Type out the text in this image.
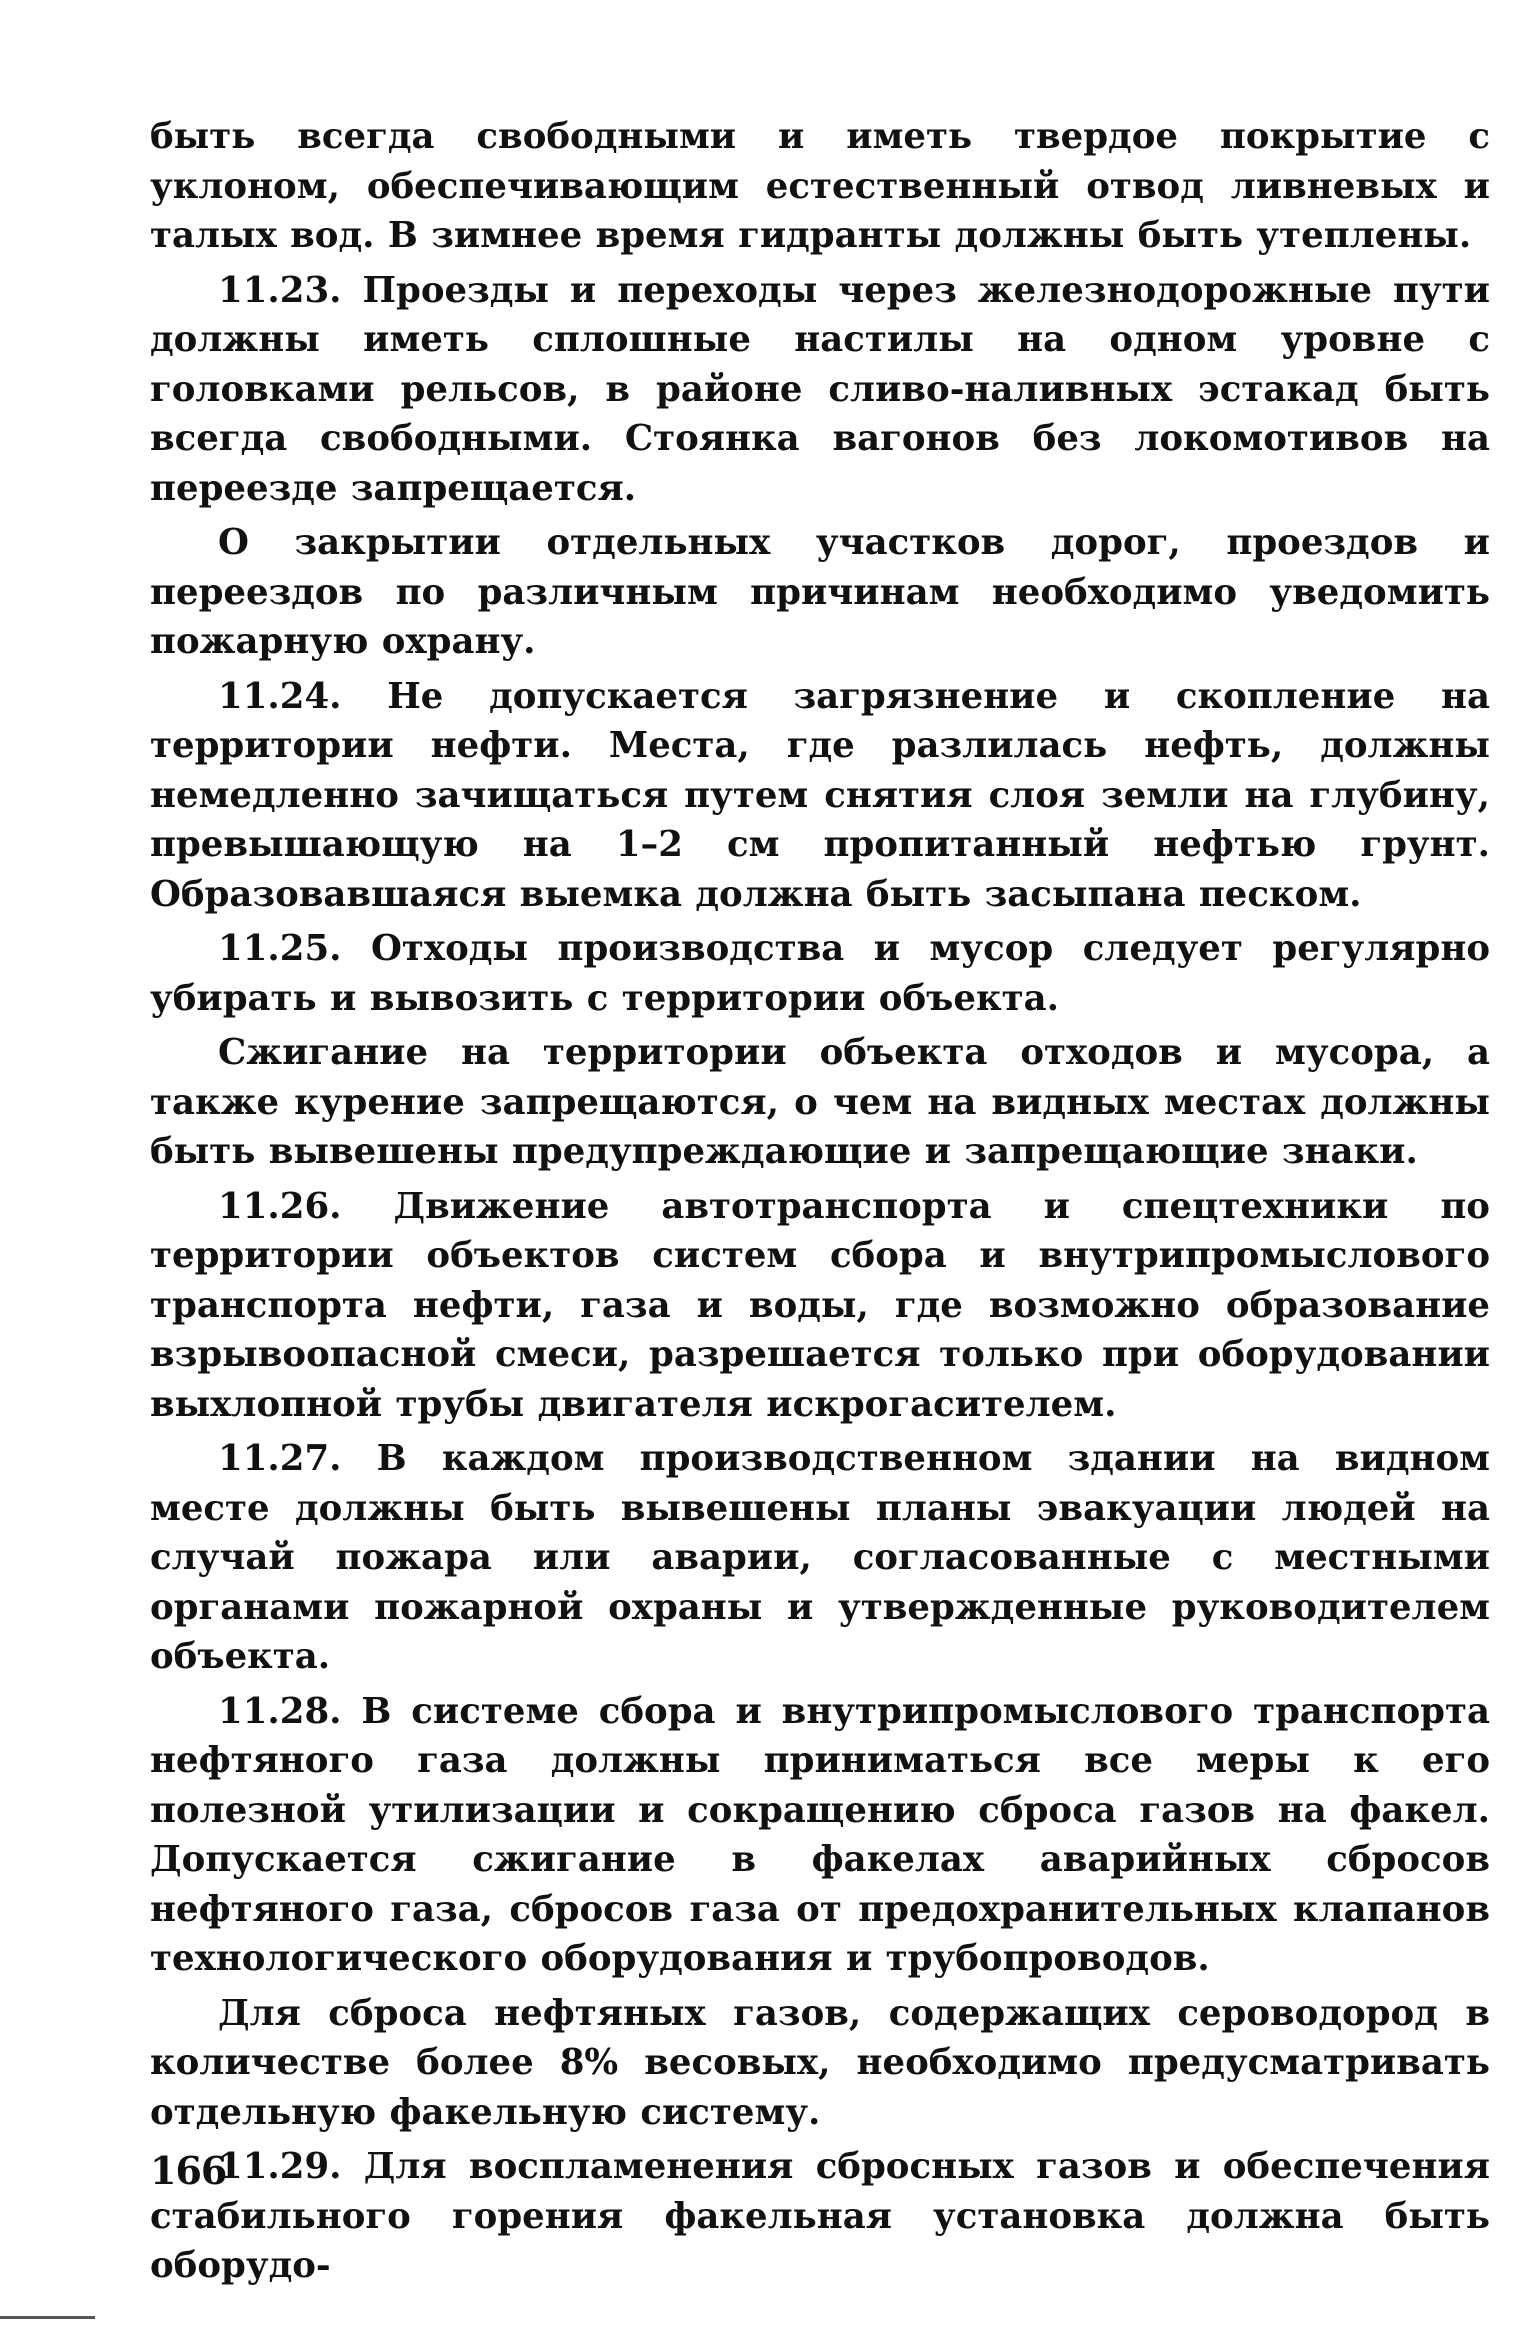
быть всегда свободными и иметь твердое покрытие с уклоном, обеспечивающим естественный отвод ливневых и талых вод. В зимнее время гидранты должны быть утеплены.

11.23. Проезды и переходы через железнодорожные пути должны иметь сплошные настилы на одном уровне с головками рельсов, в районе сливо-наливных эстакад быть всегда свободными. Стоянка вагонов без локомотивов на переезде запрещается.

О закрытии отдельных участков дорог, проездов и переездов по различным причинам необходимо уведомить пожарную охрану.

11.24. Не допускается загрязнение и скопление на территории нефти. Места, где разлилась нефть, должны немедленно зачищаться путем снятия слоя земли на глубину, превышающую на 1–2 см пропитанный нефтью грунт. Образовавшаяся выемка должна быть засыпана песком.

11.25. Отходы производства и мусор следует регулярно убирать и вывозить с территории объекта.

Сжигание на территории объекта отходов и мусора, а также курение запрещаются, о чем на видных местах должны быть вывешены предупреждающие и запрещающие знаки.

11.26. Движение автотранспорта и спецтехники по территории объектов систем сбора и внутрипромыслового транспорта нефти, газа и воды, где возможно образование взрывоопасной смеси, разрешается только при оборудовании выхлопной трубы двигателя искрогасителем.

11.27. В каждом производственном здании на видном месте должны быть вывешены планы эвакуации людей на случай пожара или аварии, согласованные с местными органами пожарной охраны и утвержденные руководителем объекта.

11.28. В системе сбора и внутрипромыслового транспорта нефтяного газа должны приниматься все меры к его полезной утилизации и сокращению сброса газов на факел. Допускается сжигание в факелах аварийных сбросов нефтяного газа, сбросов газа от предохранительных клапанов технологического оборудования и трубопроводов.

Для сброса нефтяных газов, содержащих сероводород в количестве более 8% весовых, необходимо предусматривать отдельную факельную систему.

11.29. Для воспламенения сбросных газов и обеспечения стабильного горения факельная установка должна быть оборудо-

166
